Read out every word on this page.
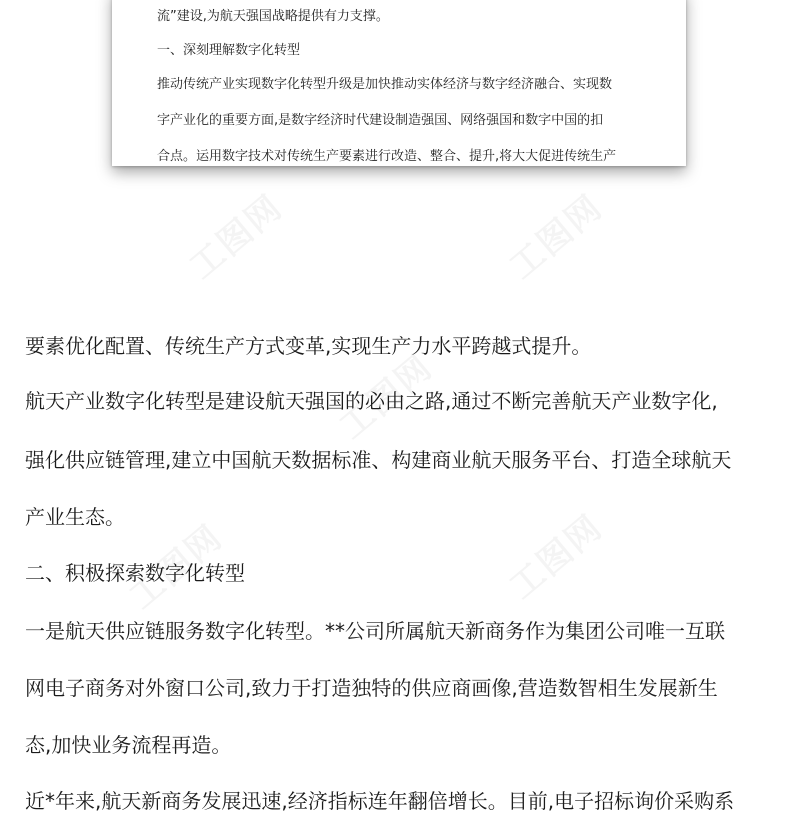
流”建设,为航天强国战略提供有力支撑。

一、深刻理解数字化转型

推动传统产业实现数字化转型升级是加快推动实体经济与数字经济融合、实现数

字产业化的重要方面,是数字经济时代建设制造强国、网络强国和数字中国的扣

合点。运用数字技术对传统生产要素进行改造、整合、提升,将大大促进传统生产

要素优化配置、传统生产方式变革,实现生产力水平跨越式提升。

航天产业数字化转型是建设航天强国的必由之路,通过不断完善航天产业数字化,

强化供应链管理,建立中国航天数据标准、构建商业航天服务平台、打造全球航天

产业生态。

二、积极探索数字化转型

一是航天供应链服务数字化转型。**公司所属航天新商务作为集团公司唯一互联

网电子商务对外窗口公司,致力于打造独特的供应商画像,营造数智相生发展新生

态,加快业务流程再造。

近*年来,航天新商务发展迅速,经济指标连年翻倍增长。目前,电子招标询价采购系
